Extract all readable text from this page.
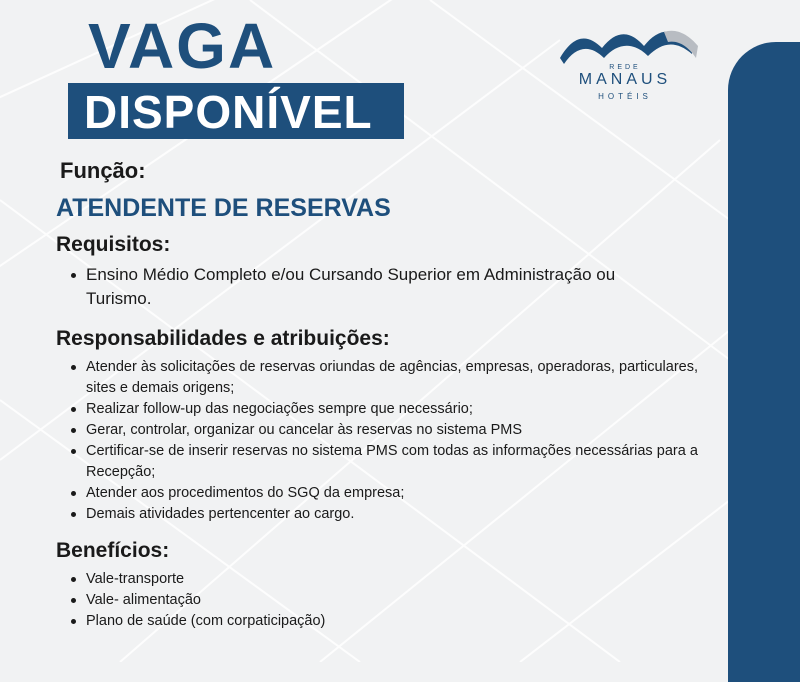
VAGA
DISPONÍVEL
REDE
MANAUS
HOTÉIS
Função:
ATENDENTE DE RESERVAS
Requisitos:
Ensino Médio Completo e/ou Cursando Superior em Administração ou Turismo.
Responsabilidades e atribuições:
Atender às solicitações de reservas oriundas de agências, empresas, operadoras, particulares, sites e demais origens;
Realizar follow-up das negociações sempre que necessário;
Gerar, controlar, organizar ou cancelar às reservas no sistema PMS
Certificar-se de inserir reservas no sistema PMS com todas as informações necessárias para a Recepção;
Atender aos procedimentos do SGQ da empresa;
Demais atividades pertencenter ao cargo.
Benefícios:
Vale-transporte
Vale- alimentação
Plano de saúde (com corpaticipação)
